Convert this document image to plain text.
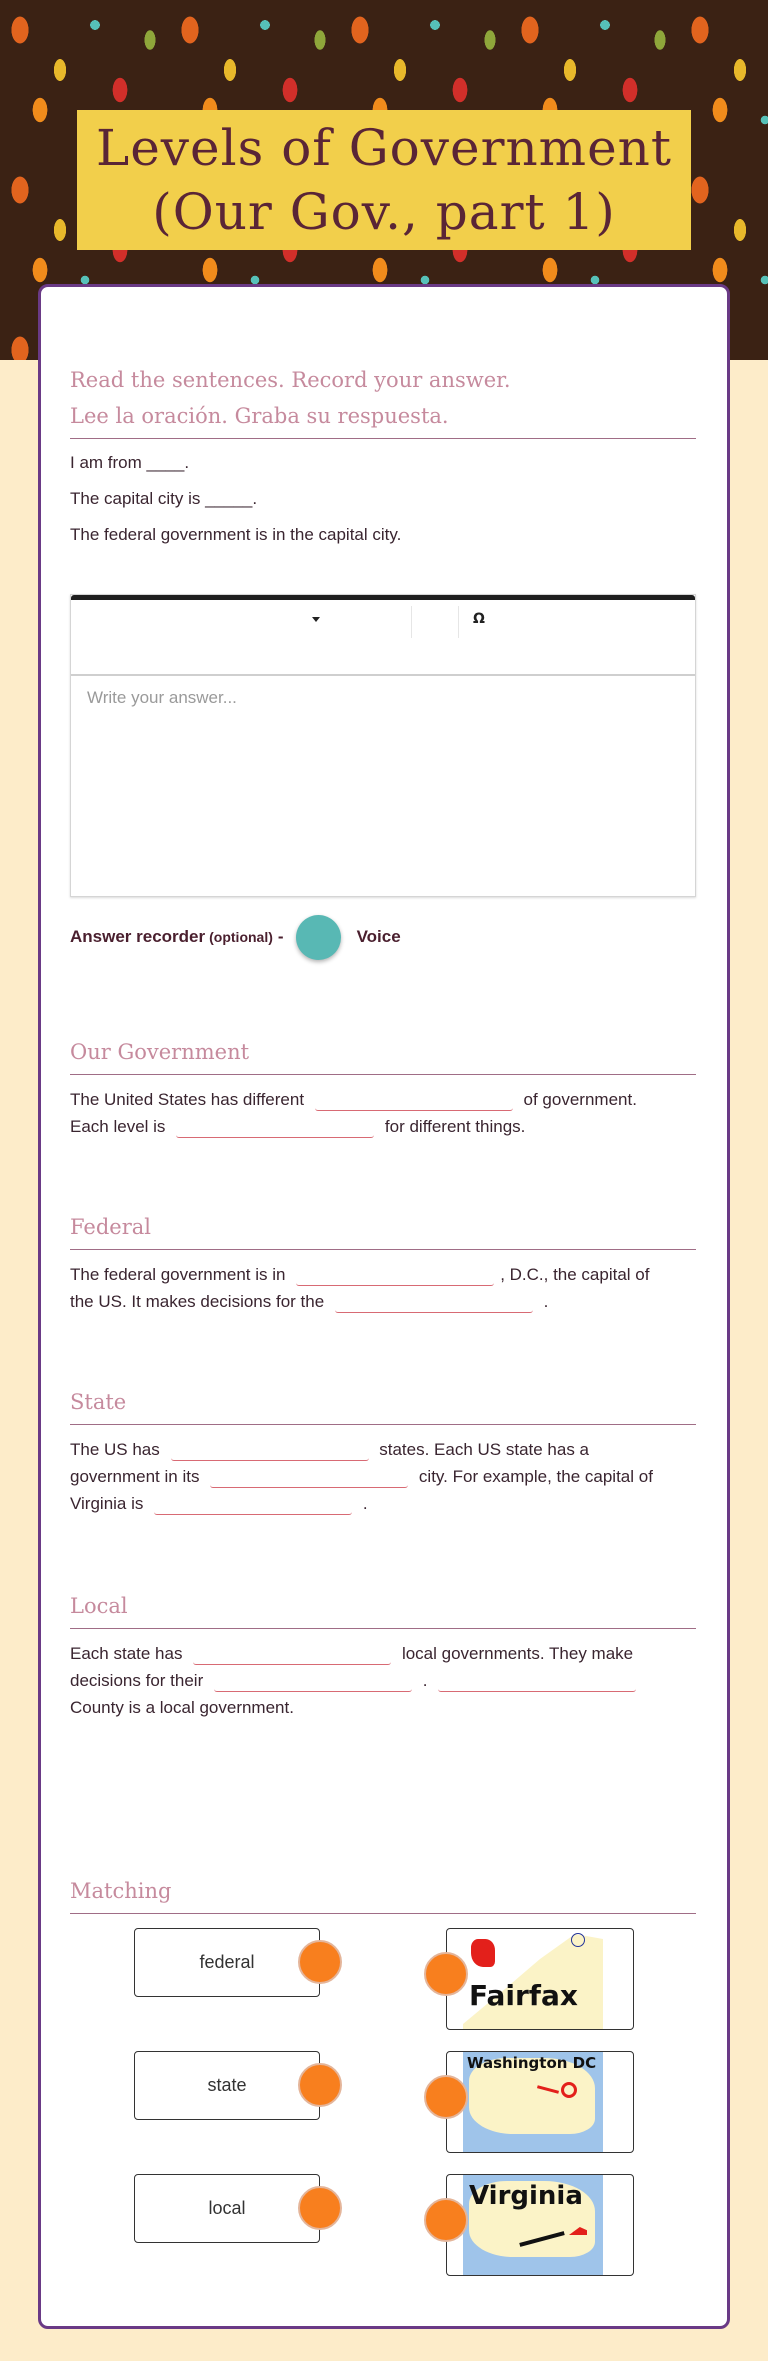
Levels of Government
(Our Gov., part 1)
Read the sentences. Record your answer.
Lee la oración. Graba su respuesta.

I am from ____.

The capital city is _____.

The federal government is in the capital city.

Ω
Write your answer...
Answer recorder (optional) -	Voice
Our Government
The United States has different	of government.
Each level is	for different things.
Federal
The federal government is in	, D.C., the capital of
the US. It makes decisions for the	.
State
The US has	states. Each US state has a
government in its	city. For example, the capital of
Virginia is	.
Local
Each state has	local governments. They make
decisions for their	.
County is a local government.
Matching
federal
state
local
Fairfax
Washington DC
Virginia
